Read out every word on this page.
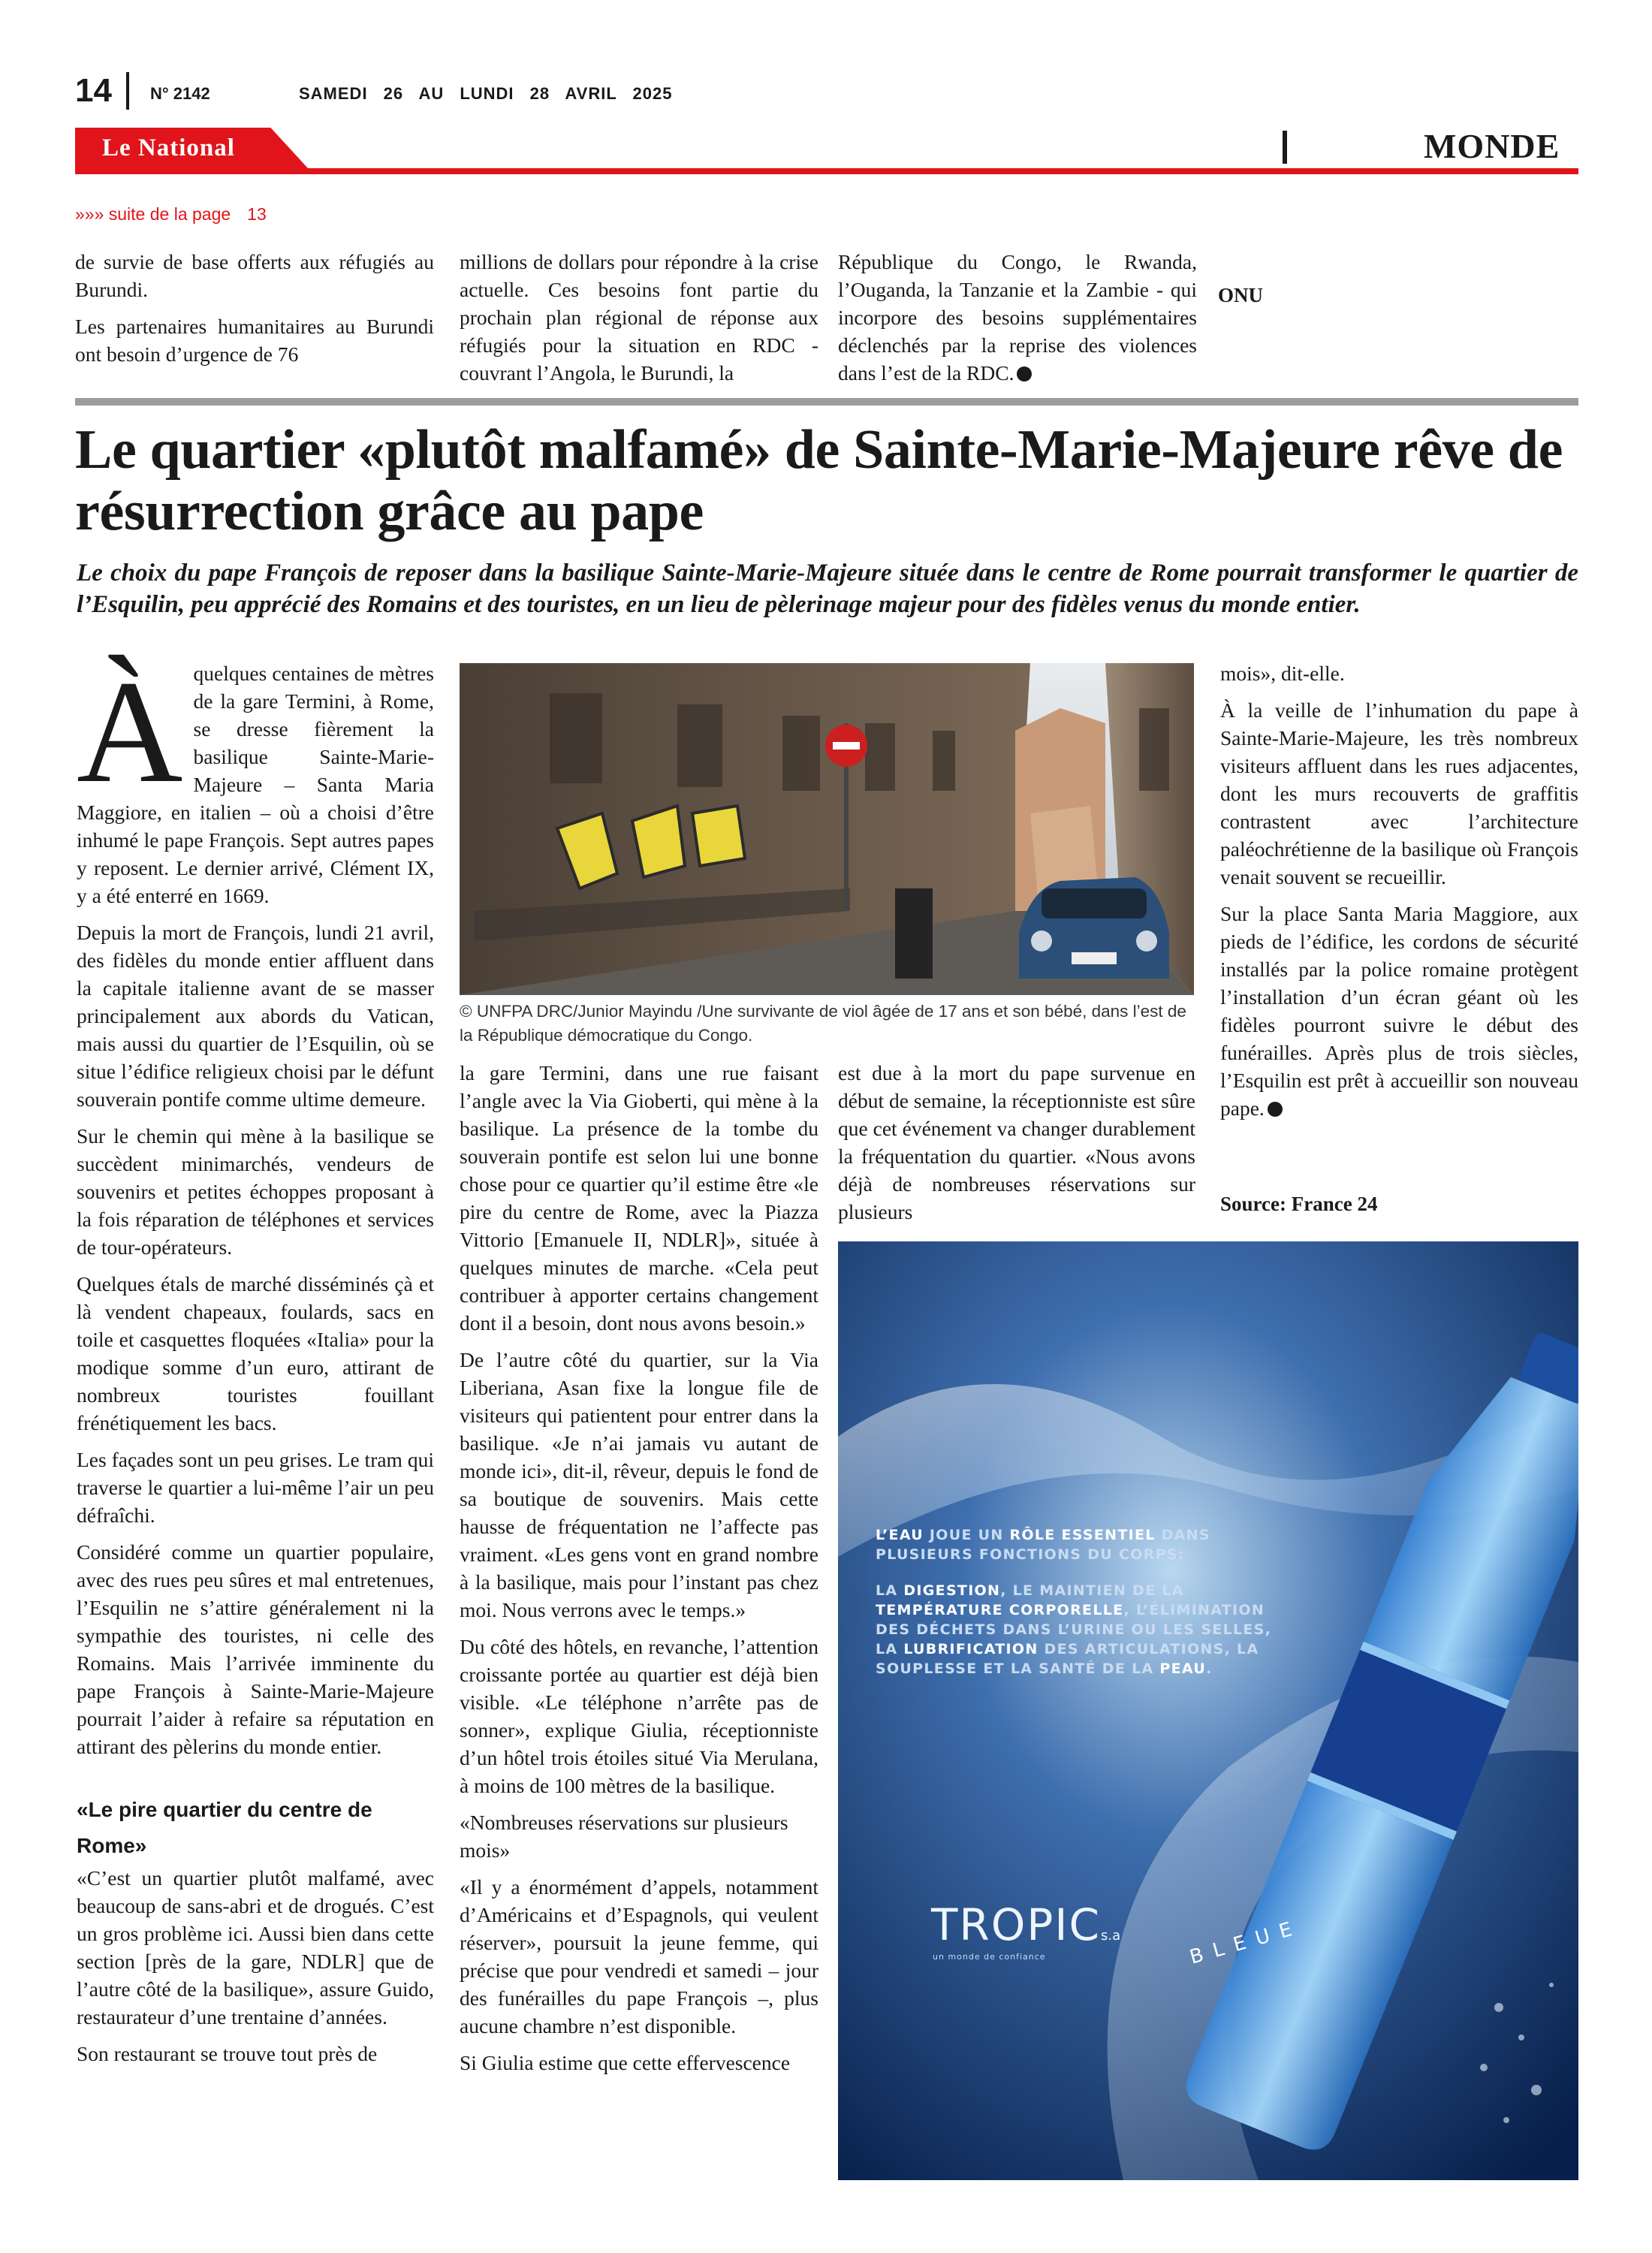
14 N° 2142	SAMEDI 26 AU LUNDI 28 AVRIL 2025
Le National	MONDE
»»» suite de la page 13

de survie de base offerts aux réfugiés au Burundi.

Les partenaires humanitaires au Burundi ont besoin d’urgence de 76

millions de dollars pour répondre à la crise actuelle. Ces besoins font partie du prochain plan régional de réponse aux réfugiés pour la situation en RDC - couvrant l’Angola, le Burundi, la

République du Congo, le Rwanda, l’Ouganda, la Tanzanie et la Zambie - qui incorpore des besoins supplémentaires déclenchés par la reprise des violences dans l’est de la RDC.

ONU
Le quartier «plutôt malfamé» de Sainte-Marie-Majeure rêve de résurrection grâce au pape

Le choix du pape François de reposer dans la basilique Sainte-Marie-Majeure située dans le centre de Rome pourrait transformer le quartier de l’Esquilin, peu apprécié des Romains et des touristes, en un lieu de pèlerinage majeur pour des fidèles venus du monde entier.

À quelques centaines de mètres de la gare Termini, à Rome, se dresse fièrement la basilique Sainte-Marie-Majeure – Santa Maria Maggiore, en italien – où a choisi d’être inhumé le pape François. Sept autres papes y reposent. Le dernier arrivé, Clément IX, y a été enterré en 1669.

Depuis la mort de François, lundi 21 avril, des fidèles du monde entier affluent dans la capitale italienne avant de se masser principalement aux abords du Vatican, mais aussi du quartier de l’Esquilin, où se situe l’édifice religieux choisi par le défunt souverain pontife comme ultime demeure.

Sur le chemin qui mène à la basilique se succèdent minimarchés, vendeurs de souvenirs et petites échoppes proposant à la fois réparation de téléphones et services de tour-opérateurs.

Quelques étals de marché disséminés çà et là vendent chapeaux, foulards, sacs en toile et casquettes floquées «Italia» pour la modique somme d’un euro, attirant de nombreux touristes fouillant frénétiquement les bacs.

Les façades sont un peu grises. Le tram qui traverse le quartier a lui-même l’air un peu défraîchi.

Considéré comme un quartier populaire, avec des rues peu sûres et mal entretenues, l’Esquilin ne s’attire généralement ni la sympathie des touristes, ni celle des Romains. Mais l’arrivée imminente du pape François à Sainte-Marie-Majeure pourrait l’aider à refaire sa réputation en attirant des pèlerins du monde entier.

«Le pire quartier du centre de Rome»

«C’est un quartier plutôt malfamé, avec beaucoup de sans-abri et de drogués. C’est un gros problème ici. Aussi bien dans cette section [près de la gare, NDLR] que de l’autre côté de la basilique», assure Guido, restaurateur d’une trentaine d’années.

Son restaurant se trouve tout près de

© UNFPA DRC/Junior Mayindu /Une survivante de viol âgée de 17 ans et son bébé, dans l’est de la République démocratique du Congo.

la gare Termini, dans une rue faisant l’angle avec la Via Gioberti, qui mène à la basilique. La présence de la tombe du souverain pontife est selon lui une bonne chose pour ce quartier qu’il estime être «le pire du centre de Rome, avec la Piazza Vittorio [Emanuele II, NDLR]», située à quelques minutes de marche. «Cela peut contribuer à apporter certains changement dont il a besoin, dont nous avons besoin.»

De l’autre côté du quartier, sur la Via Liberiana, Asan fixe la longue file de visiteurs qui patientent pour entrer dans la basilique. «Je n’ai jamais vu autant de monde ici», dit-il, rêveur, depuis le fond de sa boutique de souvenirs. Mais cette hausse de fréquentation ne l’affecte pas vraiment. «Les gens vont en grand nombre à la basilique, mais pour l’instant pas chez moi. Nous verrons avec le temps.»

Du côté des hôtels, en revanche, l’attention croissante portée au quartier est déjà bien visible. «Le téléphone n’arrête pas de sonner», explique Giulia, réceptionniste d’un hôtel trois étoiles situé Via Merulana, à moins de 100 mètres de la basilique.

«Nombreuses réservations sur plusieurs mois»

«Il y a énormément d’appels, notamment d’Américains et d’Espagnols, qui veulent réserver», poursuit la jeune femme, qui précise que pour vendredi et samedi – jour des funérailles du pape François –, plus aucune chambre n’est disponible.

Si Giulia estime que cette effervescence

est due à la mort du pape survenue en début de semaine, la réceptionniste est sûre que cet événement va changer durablement la fréquentation du quartier. «Nous avons déjà de nombreuses réservations sur plusieurs

mois», dit-elle.

À la veille de l’inhumation du pape à Sainte-Marie-Majeure, les très nombreux visiteurs affluent dans les rues adjacentes, dont les murs recouverts de graffitis contrastent avec l’architecture paléochrétienne de la basilique où François venait souvent se recueillir.

Sur la place Santa Maria Maggiore, aux pieds de l’édifice, les cordons de sécurité installés par la police romaine protègent l’installation d’un écran géant où les fidèles pourront suivre le début des funérailles. Après plus de trois siècles, l’Esquilin est prêt à accueillir son nouveau pape.

Source: France 24
L’EAU JOUE UN RÔLE ESSENTIEL DANS PLUSIEURS FONCTIONS DU CORPS:
LA DIGESTION, LE MAINTIEN DE LA TEMPÉRATURE CORPORELLE, L’ÉLIMINATION DES DÉCHETS DANS L’URINE OU LES SELLES, LA LUBRIFICATION DES ARTICULATIONS, LA SOUPLESSE ET LA SANTÉ DE LA PEAU.
BLEUE
TROPICs.a
un monde de confiance
